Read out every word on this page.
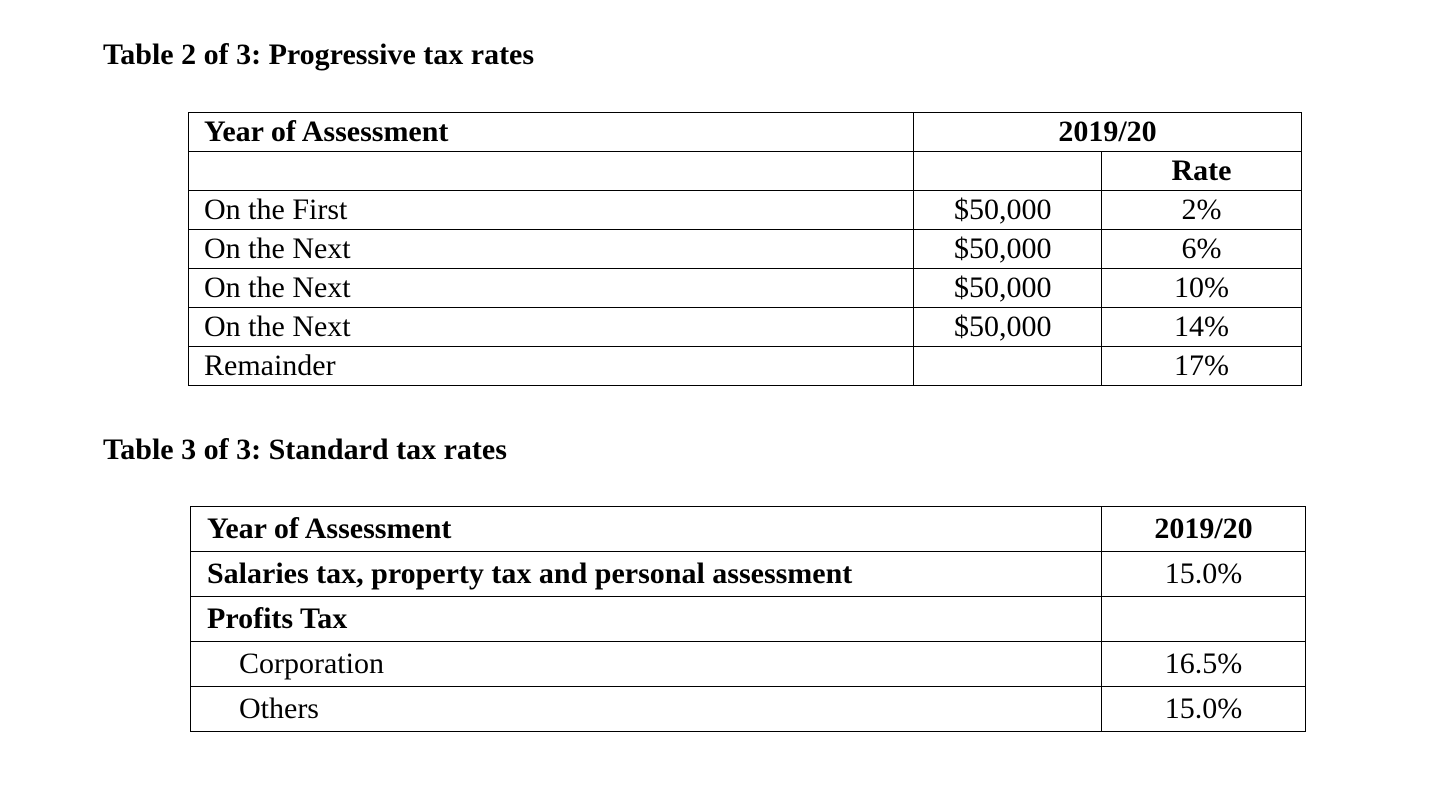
Table 2 of 3: Progressive tax rates
Year of Assessment	2019/20	
		Rate
On the First	$50,000	2%
On the Next	$50,000	6%
On the Next	$50,000	10%
On the Next	$50,000	14%
Remainder		17%
Table 3 of 3: Standard tax rates
Year of Assessment	2019/20
Salaries tax, property tax and personal assessment	15.0%
Profits Tax	
Corporation	16.5%
Others	15.0%
